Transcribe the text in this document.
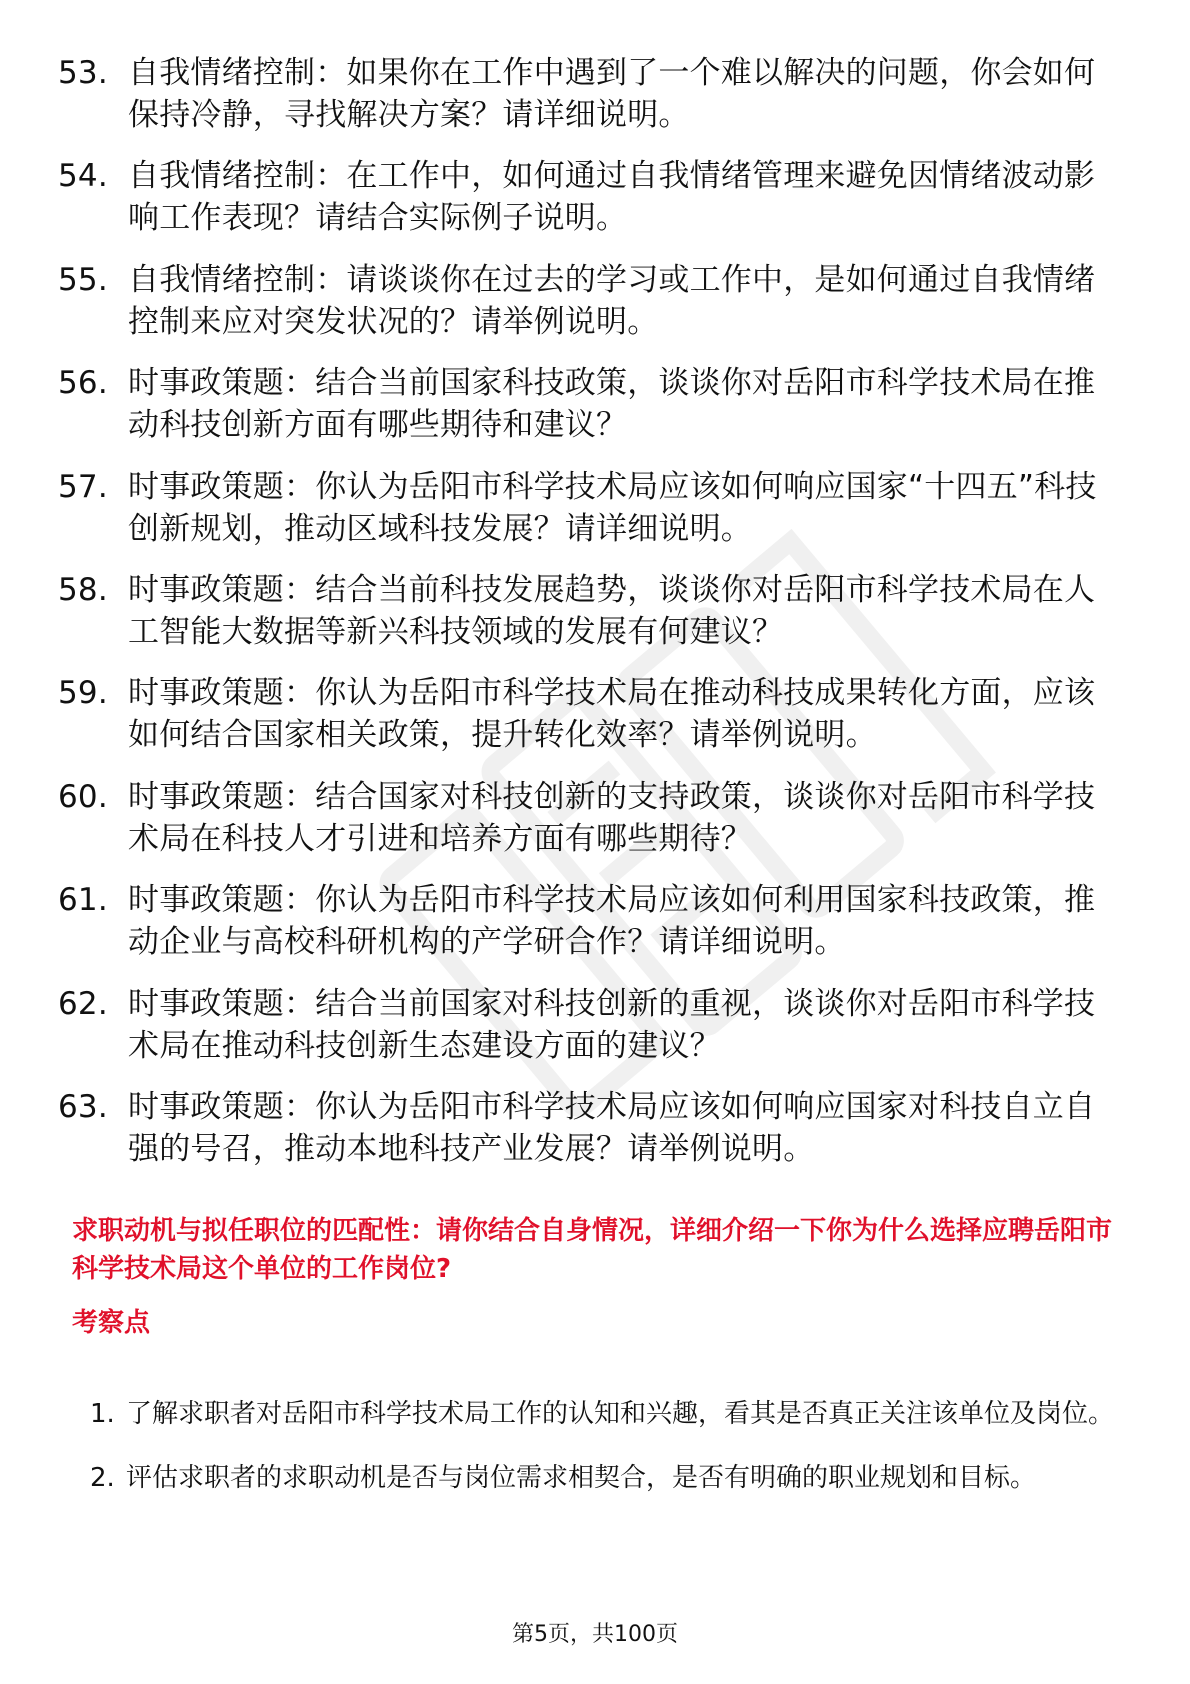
53. 自我情绪控制：如果你在工作中遇到了一个难以解决的问题，你会如何保持冷静，寻找解决方案？请详细说明。
54. 自我情绪控制：在工作中，如何通过自我情绪管理来避免因情绪波动影响工作表现？请结合实际例子说明。
55. 自我情绪控制：请谈谈你在过去的学习或工作中，是如何通过自我情绪控制来应对突发状况的？请举例说明。
56. 时事政策题：结合当前国家科技政策，谈谈你对岳阳市科学技术局在推动科技创新方面有哪些期待和建议？
57. 时事政策题：你认为岳阳市科学技术局应该如何响应国家“十四五”科技创新规划，推动区域科技发展？请详细说明。
58. 时事政策题：结合当前科技发展趋势，谈谈你对岳阳市科学技术局在人工智能大数据等新兴科技领域的发展有何建议？
59. 时事政策题：你认为岳阳市科学技术局在推动科技成果转化方面，应该如何结合国家相关政策，提升转化效率？请举例说明。
60. 时事政策题：结合国家对科技创新的支持政策，谈谈你对岳阳市科学技术局在科技人才引进和培养方面有哪些期待？
61. 时事政策题：你认为岳阳市科学技术局应该如何利用国家科技政策，推动企业与高校科研机构的产学研合作？请详细说明。
62. 时事政策题：结合当前国家对科技创新的重视，谈谈你对岳阳市科学技术局在推动科技创新生态建设方面的建议？
63. 时事政策题：你认为岳阳市科学技术局应该如何响应国家对科技自立自强的号召，推动本地科技产业发展？请举例说明。

求职动机与拟任职位的匹配性：请你结合自身情况，详细介绍一下你为什么选择应聘岳阳市科学技术局这个单位的工作岗位?

考察点

1. 了解求职者对岳阳市科学技术局工作的认知和兴趣，看其是否真正关注该单位及岗位。
2. 评估求职者的求职动机是否与岗位需求相契合，是否有明确的职业规划和目标。
第5页，共100页
